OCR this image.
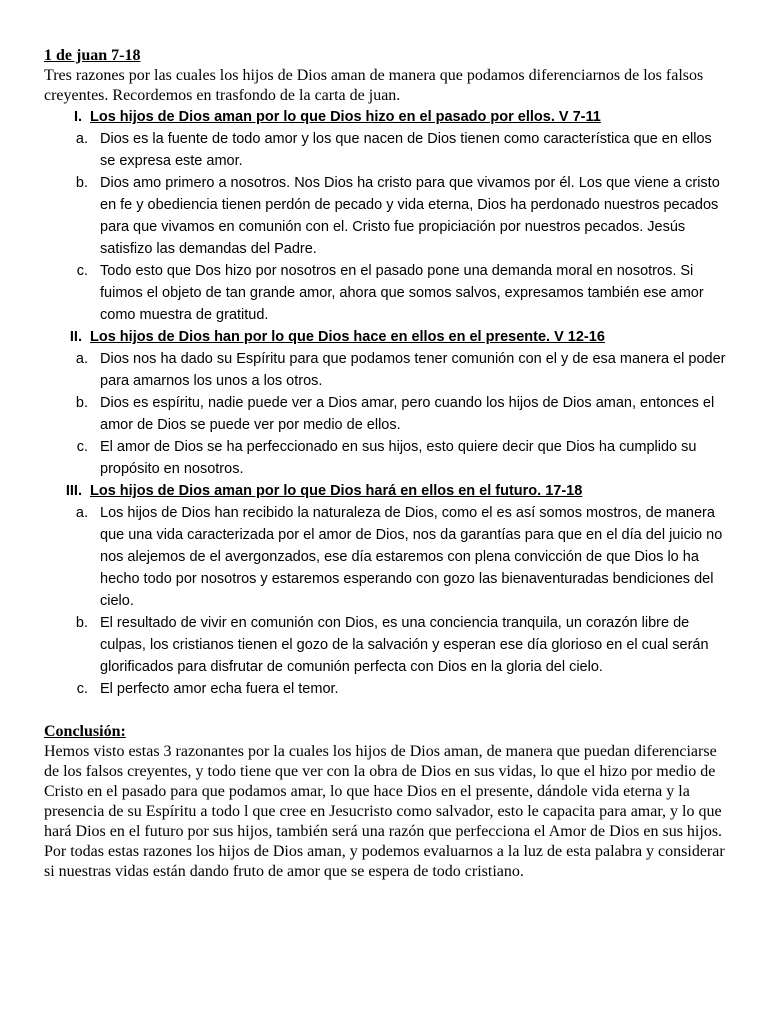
1 de juan 7-18

Tres razones por las cuales los hijos de Dios aman de manera que podamos diferenciarnos de los falsos creyentes. Recordemos en trasfondo de la carta de juan.

I. Los hijos de Dios aman por lo que Dios hizo en el pasado por ellos. V 7-11
a. Dios es la fuente de todo amor y los que nacen de Dios tienen como característica que en ellos se expresa este amor.
b. Dios amo primero a nosotros. Nos Dios ha cristo para que vivamos por él. Los que viene a cristo en fe y obediencia tienen perdón de pecado y vida eterna, Dios ha perdonado nuestros pecados para que vivamos en comunión con el. Cristo fue propiciación por nuestros pecados. Jesús satisfizo las demandas del Padre.
c. Todo esto que Dos hizo por nosotros en el pasado pone una demanda moral en nosotros. Si fuimos el objeto de tan grande amor, ahora que somos salvos, expresamos también ese amor como muestra de gratitud.
II. Los hijos de Dios han por lo que Dios hace en ellos en el presente. V 12-16
a. Dios nos ha dado su Espíritu para que podamos tener comunión con el y de esa manera el poder para amarnos los unos a los otros.
b. Dios es espíritu, nadie puede ver a Dios amar, pero cuando los hijos de Dios aman, entonces el amor de Dios se puede ver por medio de ellos.
c. El amor de Dios se ha perfeccionado en sus hijos, esto quiere decir que Dios ha cumplido su propósito en nosotros.
III. Los hijos de Dios aman por lo que Dios hará en ellos en el futuro. 17-18
a. Los hijos de Dios han recibido la naturaleza de Dios, como el es así somos mostros, de manera que una vida caracterizada por el amor de Dios, nos da garantías para que en el día del juicio no nos alejemos de el avergonzados, ese día estaremos con plena convicción de que Dios lo ha hecho todo por nosotros y estaremos esperando con gozo las bienaventuradas bendiciones del cielo.
b. El resultado de vivir en comunión con Dios, es una conciencia tranquila, un corazón libre de culpas, los cristianos tienen el gozo de la salvación y esperan ese día glorioso en el cual serán glorificados para disfrutar de comunión perfecta con Dios en la gloria del cielo.
c. El perfecto amor echa fuera el temor.

Conclusión:

Hemos visto estas 3 razonantes por la cuales los hijos de Dios aman, de manera que puedan diferenciarse de los falsos creyentes, y todo tiene que ver con la obra de Dios en sus vidas, lo que el hizo por medio de Cristo en el pasado para que podamos amar, lo que hace Dios en el presente, dándole vida eterna y la presencia de su Espíritu a todo l que cree en Jesucristo como salvador, esto le capacita para amar, y lo que hará Dios en el futuro por sus hijos, también será una razón que perfecciona el Amor de Dios en sus hijos. Por todas estas razones los hijos de Dios aman, y podemos evaluarnos a la luz de esta palabra y considerar si nuestras vidas están dando fruto de amor que se espera de todo cristiano.
